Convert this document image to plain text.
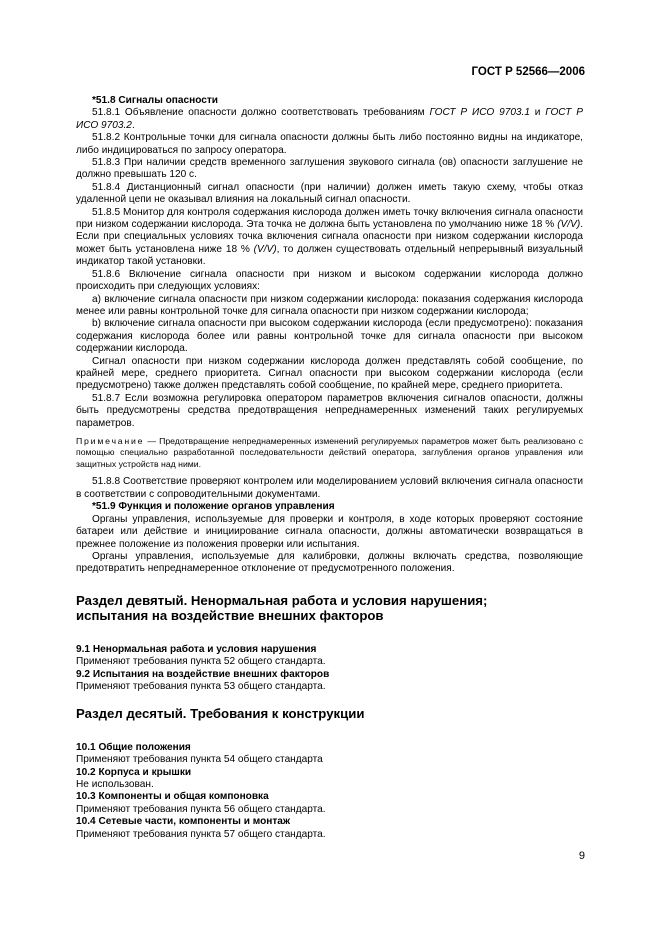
ГОСТ Р 52566—2006

*51.8 Сигналы опасности

51.8.1 Объявление опасности должно соответствовать требованиям ГОСТ Р ИСО 9703.1 и ГОСТ Р ИСО 9703.2.

51.8.2 Контрольные точки для сигнала опасности должны быть либо постоянно видны на индикаторе, либо индицироваться по запросу оператора.

51.8.3 При наличии средств временного заглушения звукового сигнала (ов) опасности заглушение не должно превышать 120 с.

51.8.4 Дистанционный сигнал опасности (при наличии) должен иметь такую схему, чтобы отказ удаленной цепи не оказывал влияния на локальный сигнал опасности.

51.8.5 Монитор для контроля содержания кислорода должен иметь точку включения сигнала опасности при низком содержании кислорода. Эта точка не должна быть установлена по умолчанию ниже 18 % (V/V). Если при специальных условиях точка включения сигнала опасности при низком содержании кислорода может быть установлена ниже 18 % (V/V), то должен существовать отдельный непрерывный визуальный индикатор такой установки.

51.8.6 Включение сигнала опасности при низком и высоком содержании кислорода должно происходить при следующих условиях:

а) включение сигнала опасности при низком содержании кислорода: показания содержания кислорода менее или равны контрольной точке для сигнала опасности при низком содержании кислорода;

b) включение сигнала опасности при высоком содержании кислорода (если предусмотрено): показания содержания кислорода более или равны контрольной точке для сигнала опасности при высоком содержании кислорода.

Сигнал опасности при низком содержании кислорода должен представлять собой сообщение, по крайней мере, среднего приоритета. Сигнал опасности при высоком содержании кислорода (если предусмотрено) также должен представлять собой сообщение, по крайней мере, среднего приоритета.

51.8.7 Если возможна регулировка оператором параметров включения сигналов опасности, должны быть предусмотрены средства предотвращения непреднамеренных изменений таких регулируемых параметров.

Примечание — Предотвращение непреднамеренных изменений регулируемых параметров может быть реализовано с помощью специально разработанной последовательности действий оператора, заглубления органов управления или защитных устройств над ними.

51.8.8 Соответствие проверяют контролем или моделированием условий включения сигнала опасности в соответствии с сопроводительными документами.

*51.9 Функция и положение органов управления

Органы управления, используемые для проверки и контроля, в ходе которых проверяют состояние батареи или действие и инициирование сигнала опасности, должны автоматически возвращаться в прежнее положение из положения проверки или испытания.

Органы управления, используемые для калибровки, должны включать средства, позволяющие предотвратить непреднамеренное отклонение от предусмотренного положения.

Раздел девятый. Ненормальная работа и условия нарушения;
испытания на воздействие внешних факторов

9.1 Ненормальная работа и условия нарушения

Применяют требования пункта 52 общего стандарта.

9.2 Испытания на воздействие внешних факторов

Применяют требования пункта 53 общего стандарта.

Раздел десятый. Требования к конструкции

10.1 Общие положения

Применяют требования пункта 54 общего стандарта

10.2 Корпуса и крышки

Не использован.

10.3 Компоненты и общая компоновка

Применяют требования пункта 56 общего стандарта.

10.4 Сетевые части, компоненты и монтаж

Применяют требования пункта 57 общего стандарта.

9
